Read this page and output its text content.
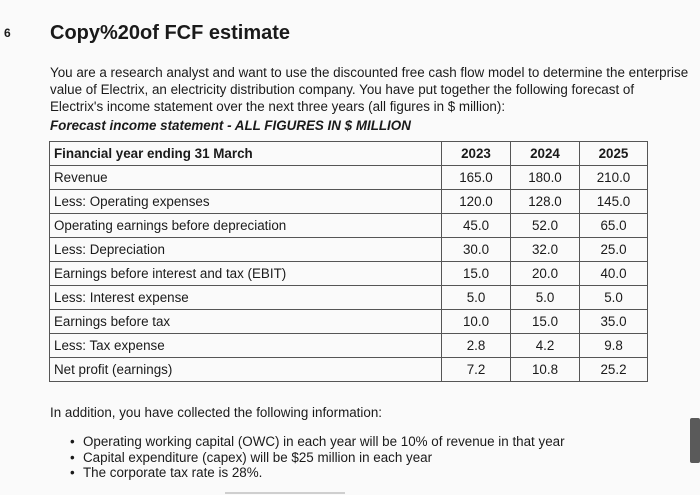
6 Copy%20of FCF estimate

You are a research analyst and want to use the discounted free cash flow model to determine the enterprise

value of Electrix, an electricity distribution company. You have put together the following forecast of

Electrix's income statement over the next three years (all figures in $ million):

Forecast income statement - ALL FIGURES IN $ MILLION
Financial year ending 31 March	2023	2024	2025
Revenue	165.0	180.0	210.0
Less: Operating expenses	120.0	128.0	145.0
Operating earnings before depreciation	45.0	52.0	65.0
Less: Depreciation	30.0	32.0	25.0
Earnings before interest and tax (EBIT)	15.0	20.0	40.0
Less: Interest expense	5.0	5.0	5.0
Earnings before tax	10.0	15.0	35.0
Less: Tax expense	2.8	4.2	9.8
Net profit (earnings)	7.2	10.8	25.2
In addition, you have collected the following information:
• Operating working capital (OWC) in each year will be 10% of revenue in that year
• Capital expenditure (capex) will be $25 million in each year
• The corporate tax rate is 28%.
